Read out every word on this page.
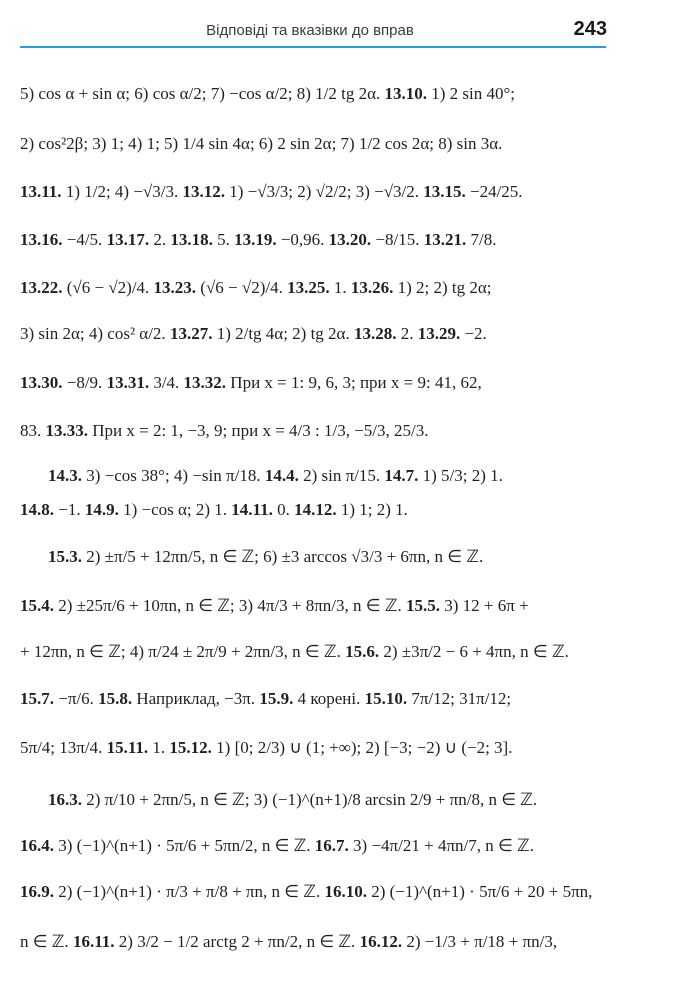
Відповіді та вказівки до вправ	243
5) cos α + sin α; 6) cos α/2; 7) −cos α/2; 8) 1/2 tg 2α. 13.10. 1) 2 sin 40°;
2) cos²2β; 3) 1; 4) 1; 5) 1/4 sin 4α; 6) 2 sin 2α; 7) 1/2 cos 2α; 8) sin 3α.
13.11. 1) 1/2; 4) −√3/3. 13.12. 1) −√3/3; 2) √2/2; 3) −√3/2. 13.15. −24/25.
13.16. −4/5. 13.17. 2. 13.18. 5. 13.19. −0,96. 13.20. −8/15. 13.21. 7/8.
13.22. (√6 − √2)/4. 13.23. (√6 − √2)/4. 13.25. 1. 13.26. 1) 2; 2) tg 2α;
3) sin 2α; 4) cos² α/2. 13.27. 1) 2/tg 4α; 2) tg 2α. 13.28. 2. 13.29. −2.
13.30. −8/9. 13.31. 3/4. 13.32. При x = 1: 9, 6, 3; при x = 9: 41, 62,
83. 13.33. При x = 2: 1, −3, 9; при x = 4/3 : 1/3, −5/3, 25/3.
14.3. 3) −cos 38°; 4) −sin π/18. 14.4. 2) sin π/15. 14.7. 1) 5/3; 2) 1.
14.8. −1. 14.9. 1) −cos α; 2) 1. 14.11. 0. 14.12. 1) 1; 2) 1.
15.3. 2) ±π/5 + 12πn/5, n ∈ ℤ; 6) ±3 arccos √3/3 + 6πn, n ∈ ℤ.
15.4. 2) ±25π/6 + 10πn, n ∈ ℤ; 3) 4π/3 + 8πn/3, n ∈ ℤ. 15.5. 3) 12 + 6π +
+ 12πn, n ∈ ℤ; 4) π/24 ± 2π/9 + 2πn/3, n ∈ ℤ. 15.6. 2) ±3π/2 − 6 + 4πn, n ∈ ℤ.
15.7. −π/6. 15.8. Наприклад, −3π. 15.9. 4 корені. 15.10. 7π/12; 31π/12;
5π/4; 13π/4. 15.11. 1. 15.12. 1) [0; 2/3) ∪ (1; +∞); 2) [−3; −2) ∪ (−2; 3].
16.3. 2) π/10 + 2πn/5, n ∈ ℤ; 3) (−1)^(n+1)/8 arcsin 2/9 + πn/8, n ∈ ℤ.
16.4. 3) (−1)^(n+1) · 5π/6 + 5πn/2, n ∈ ℤ. 16.7. 3) −4π/21 + 4πn/7, n ∈ ℤ.
16.9. 2) (−1)^(n+1) · π/3 + π/8 + πn, n ∈ ℤ. 16.10. 2) (−1)^(n+1) · 5π/6 + 20 + 5πn,
n ∈ ℤ. 16.11. 2) 3/2 − 1/2 arctg 2 + πn/2, n ∈ ℤ. 16.12. 2) −1/3 + π/18 + πn/3,
